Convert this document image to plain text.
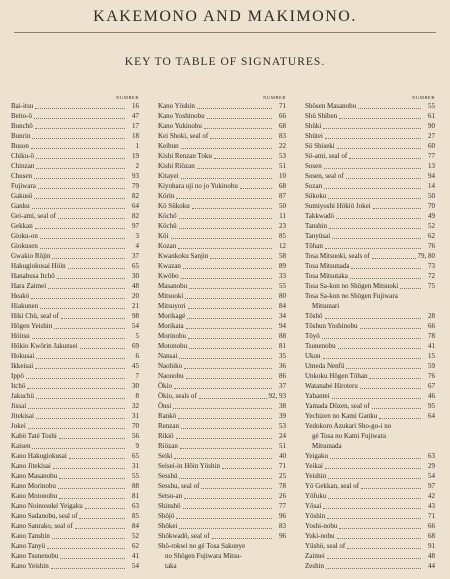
KAKEMONO AND MAKIMONO.
KEY TO TABLE OF SIGNATURES.
NUMBER
Bai-itsu	16
Beito-ö	47
Bunchö	17
Bunrin	18
Buson	1
Chiku-ö	19
Chinzan	2
Chusen	93
Fujiwara	79
Gakusö	82
Ganku	64
Gei-ami, seal of	82
Gekkan	97
Gioku-on	3
Giokusen	4
Gwakio Röjin	37
Hakugiokusai Höin	65
Hanabusa Itchö	30
Hara Zaimei	48
Heakö	20
Hiakunen	21
Hiki Chü, seal of	98
Högen Yeishin	54
Höitsu	5
Hökio Kwörin Jakunsei	69
Hokusai	6
Ikkeisai	45
Ippö	7
Itchö	30
Jakuchü	8
Jissai	32
Jitekisai	31
Jokei	70
Kabö Taté Toshi	56
Kaisen	9
Kano Hakugiokusai	65
Kano Jitekisai	31
Kano Masanobu	55
Kano Morinobu	88
Kano Motonobu	81
Kano Noinosuké Yeigaku	63
Kano Sadanobu, seal of	85
Kano Sanrako, seal of	84
Kano Tanshin	52
Kano Tanyü	62
Kano Tsunenobu	41
Kano Yeishin	54
NUMBER
Kano Yöshin	71
Kano Yoshinobu	66
Kano Yukinobu	68
Kei Shoki, seal of	83
Keibun	22
Kishi Renzan Toku	53
Kishi Riözan	51
Kitayei	10
Kiyohara uji no jo Yukinobu	68
Körin	87
Kö Sükoku	50
Köchö	11
Köchü	23
Köi	85
Kozan	12
Kwankoku Sanjin	58
Kwazan	89
Kwöbo	33
Masanobu	55
Mitsuoki	80
Mitsuyori	84
Morikagé	34
Morikata	94
Morinobu	88
Motonobu	81
Nansai	35
Naohiko	36
Naonobu	86
Ökio	37
Ökio, seals of	92, 93
Önsi	38
Rankö	39
Renzan	53
Rikiö	24
Riözan	51
Seiki	40
Seisei-in Höin Yöshin	71
Sesshü	25
Sesshu, seal of	78
Setsu-an	26
Shinshö	77
Shöjö	96
Shökei	83
Shökwadö, seal of	96
Shö-rokwi no gé Tosa Sakonye
no Shögen Fujiwara Mitsu-
taka
NUMBER
Shösen Masanobu	55
Shü Shiben	61
Shüki	90
Shütei	27
Sö Shiseki	60
Sö-ami, seal of	77
Sosen	13
Sosen, seal of	94
Sozan	14
Sükoku	50
Sumiyoshi Hökiö Jokei	70
Takkwadö	49
Tanshin	52
Tanyüsai	62
Töhan	76
Tosa Mitsuoki, seals of	79, 80
Tosa Mitsunada	73
Tosa Mitsutaka	72
Tosa Sa-kon no Shögen Mitsuoki	75
Tosa Sa-kon no Shögen Fujiwara
Mitsunari
Töshö	28
Töshun Yoshinobu	66
Töyö	78
Tsunenobu	41
Ukon	15
Umeda Nenfü	59
Unkoku Högen Töhan	76
Watanabé Hiroteru	67
Yabantei	46
Yamada Dözen, seal of	95
Yechizen no Kami Ganku	64
Yedokoro Azukari Sho-go-i no
gé Tosa no Kami Fujiwara
Mitsunada
Yeigaku	63
Yeikai	29
Yeishin	54
Yö Gekkan, seal of	97
Yöfuku	42
Yösai	43
Yöshin	71
Yoshi-nobu	66
Yuki-nobu	68
Yüshö, seal of	91
Zaimei	48
Zeshin	44
